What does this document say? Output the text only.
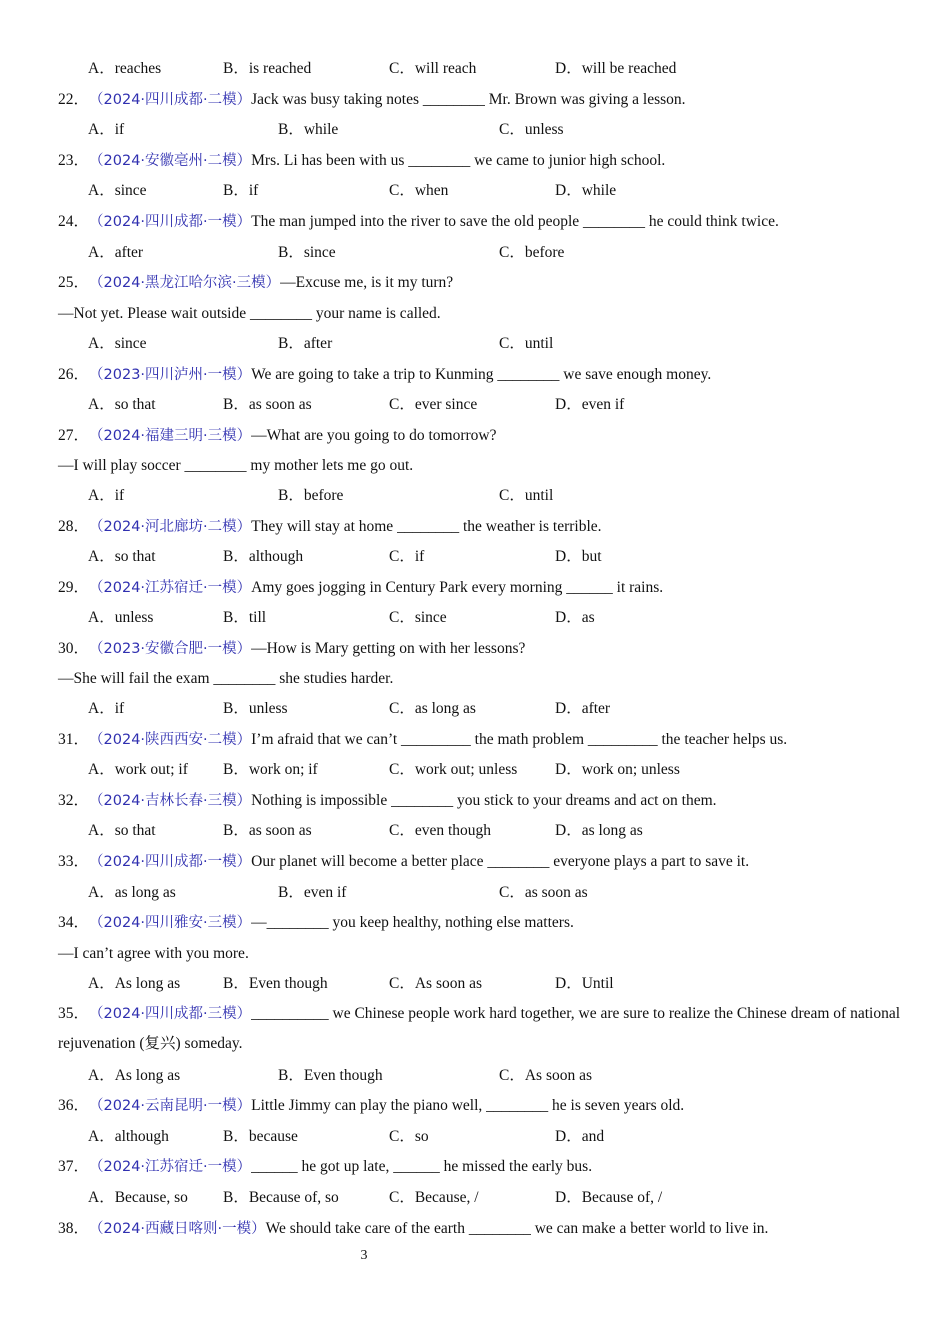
A．reaches	B．is reached	C．will reach	D．will be reached
22．（2024·四川成都·二模）Jack was busy taking notes ________ Mr. Brown was giving a lesson.
A．if	B．while	C．unless
23．（2024·安徽亳州·二模）Mrs. Li has been with us ________ we came to junior high school.
A．since	B．if	C．when	D．while
24．（2024·四川成都·一模）The man jumped into the river to save the old people ________ he could think twice.
A．after	B．since	C．before
25．（2024·黑龙江哈尔滨·三模）—Excuse me, is it my turn?
—Not yet. Please wait outside ________ your name is called.
A．since	B．after	C．until
26．（2023·四川泸州·一模）We are going to take a trip to Kunming ________ we save enough money.
A．so that	B．as soon as	C．ever since	D．even if
27．（2024·福建三明·三模）—What are you going to do tomorrow?
—I will play soccer ________ my mother lets me go out.
A．if	B．before	C．until
28．（2024·河北廊坊·二模）They will stay at home ________ the weather is terrible.
A．so that	B．although	C．if	D．but
29．（2024·江苏宿迁·一模）Amy goes jogging in Century Park every morning ______ it rains.
A．unless	B．till	C．since	D．as
30．（2023·安徽合肥·一模）—How is Mary getting on with her lessons?
—She will fail the exam ________ she studies harder.
A．if	B．unless	C．as long as	D．after
31．（2024·陕西西安·二模）I’m afraid that we can’t _________ the math problem _________ the teacher helps us.
A．work out; if B．work on; if	C．work out; unless D．work on; unless
32．（2024·吉林长春·三模）Nothing is impossible ________ you stick to your dreams and act on them.
A．so that	B．as soon as	C．even though	D．as long as
33．（2024·四川成都·一模）Our planet will become a better place ________ everyone plays a part to save it.
A．as long as	B．even if	C．as soon as
34．（2024·四川雅安·三模）—________ you keep healthy, nothing else matters.
—I can’t agree with you more.
A．As long as	B．Even though	C．As soon as	D．Until
35．（2024·四川成都·三模）__________ we Chinese people work hard together, we are sure to realize the Chinese dream of national rejuvenation (复兴) someday.
A．As long as	B．Even though	C．As soon as
36．（2024·云南昆明·一模）Little Jimmy can play the piano well, ________ he is seven years old.
A．although	B．because	C．so	D．and
37．（2024·江苏宿迁·一模）______ he got up late, ______ he missed the early bus.
A．Because, so B．Because of, so	C．Because, /	D．Because of, /
38．（2024·西藏日喀则·一模）We should take care of the earth ________ we can make a better world to live in.
3
